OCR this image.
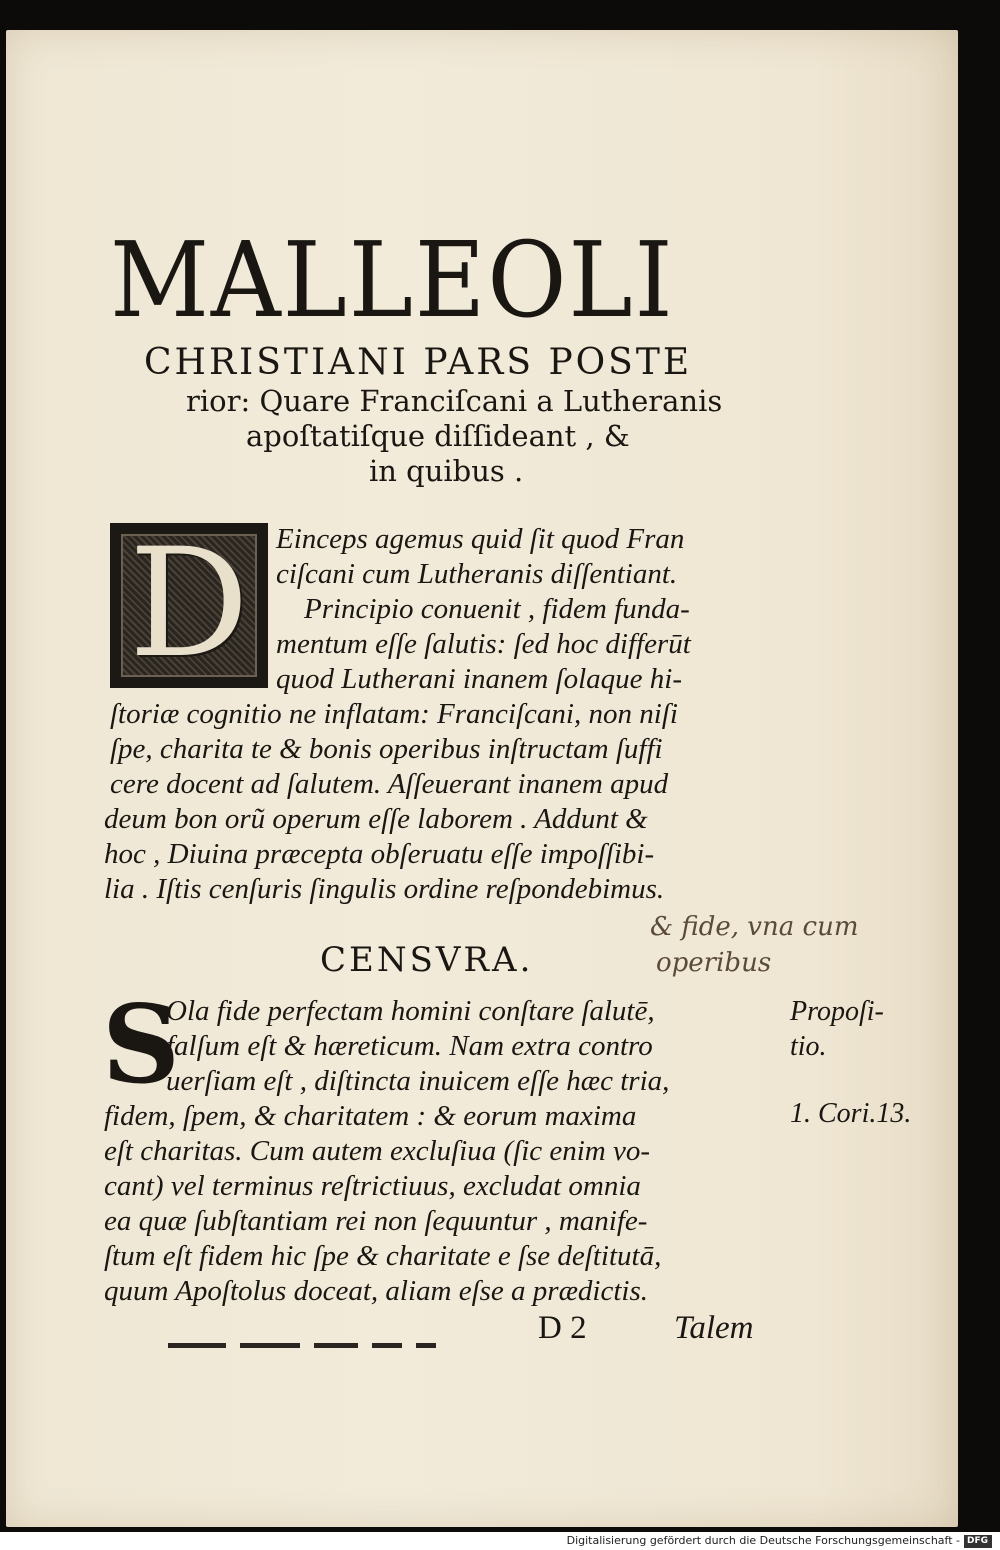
MALLEOLI
CHRISTIANI PARS POSTE
rior: Quare Franciſcani a Lutheranis
apoſtatiſque diſſideant , &
in quibus .
D Einceps agemus quid ſit quod Fran
ciſcani cum Lutheranis diſſentiant.
Principio conuenit , fidem funda-
mentum eſſe ſalutis: ſed hoc differūt
quod Lutherani inanem ſolaque hi-
ſtoriæ cognitio ne inflatam: Franciſcani, non niſi
ſpe, charita te & bonis operibus inſtructam ſuffi
cere docent ad ſalutem. Aſſeuerant inanem apud
deum bon orũ operum eſſe laborem . Addunt &
hoc , Diuina præcepta obſeruatu eſſe impoſſibi-
lia . Iſtis cenſuris ſingulis ordine reſpondebimus.
CENSVRA.
& fide, vna cum
operibus
S
Ola fide perfectam homini conſtare ſalutē,
falſum eſt & hæreticum. Nam extra contro
uerſiam eſt , diſtincta inuicem eſſe hæc tria,
fidem, ſpem, & charitatem : & eorum maxima
eſt charitas. Cum autem excluſiua (ſic enim vo-
cant) vel terminus reſtrictiuus, excludat omnia
ea quæ ſubſtantiam rei non ſequuntur , manife-
ſtum eſt fidem hic ſpe & charitate e ſse deſtitutā,
quum Apoſtolus doceat, aliam eſse a prædictis.
Propoſi-
tio.
1. Cori.13.
D 2	Talem
Digitalisierung gefördert durch die Deutsche Forschungsgemeinschaft - DFG
